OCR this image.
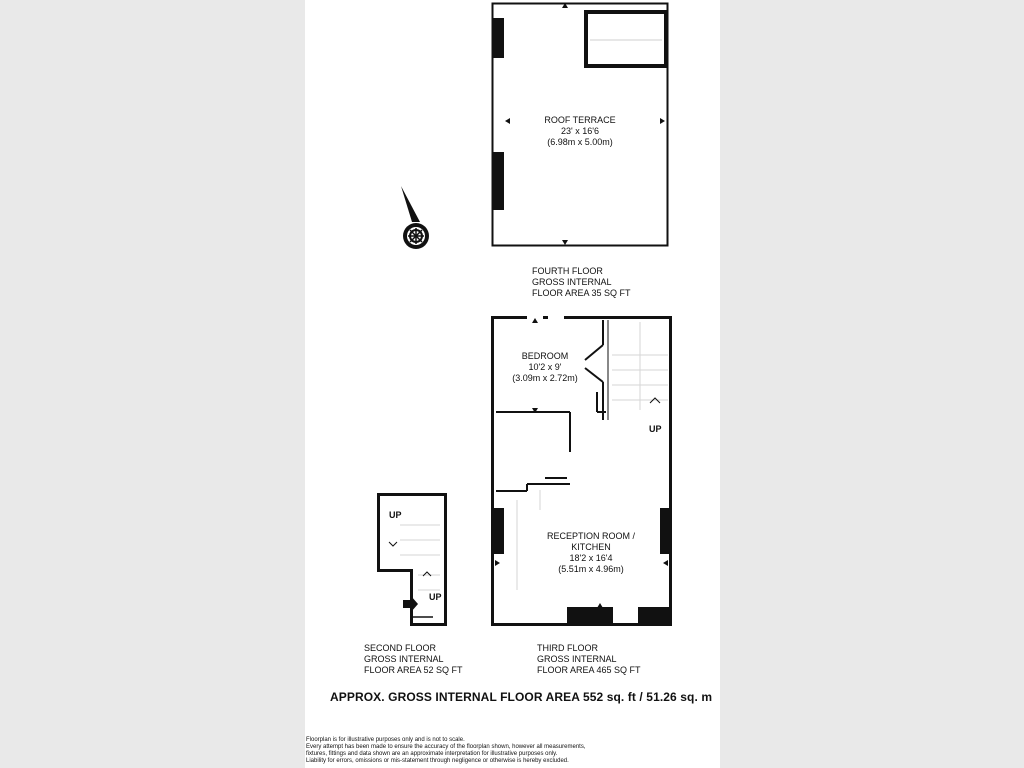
ROOF TERRACE
23' x 16'6
(6.98m x 5.00m)
BEDROOM
10'2 x 9'
(3.09m x 2.72m)
RECEPTION ROOM /
KITCHEN
18'2 x 16'4
(5.51m x 4.96m)
UP
UP
UP
FOURTH FLOOR
GROSS INTERNAL
FLOOR AREA 35 SQ FT
SECOND FLOOR
GROSS INTERNAL
FLOOR AREA 52 SQ FT
THIRD FLOOR
GROSS INTERNAL
FLOOR AREA 465 SQ FT
APPROX. GROSS INTERNAL FLOOR AREA 552 sq. ft / 51.26 sq. m
Floorplan is for illustrative purposes only and is not to scale.
Every attempt has been made to ensure the accuracy of the floorplan shown, however all measurements,
fixtures, fittings and data shown are an approximate interpretation for illustrative purposes only.
Liability for errors, omissions or mis-statement through negligence or otherwise is hereby excluded.
